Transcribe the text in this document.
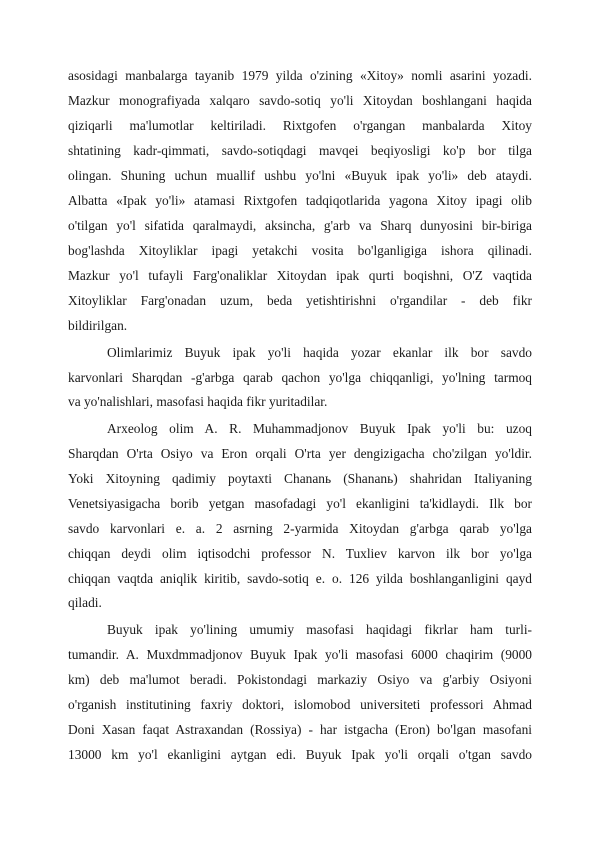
asosidagi manbalarga tayanib 1979 yilda o'zining «Xitoy» nomli asarini yozadi.
Mazkur monografiyada xalqaro savdo-sotiq yo'li Xitoydan boshlangani haqida
qiziqarli ma'lumotlar keltiriladi. Rixtgofen o'rgangan manbalarda Xitoy
shtatining kadr-qimmati, savdo-sotiqdagi mavqei beqiyosligi ko'p bor tilga
olingan. Shuning uchun muallif ushbu yo'lni «Buyuk ipak yo'li» deb ataydi.
Albatta «Ipak yo'li» atamasi Rixtgofen tadqiqotlarida yagona Xitoy ipagi olib
o'tilgan yo'l sifatida qaralmaydi, aksincha, g'arb va Sharq dunyosini bir-biriga
bog'lashda Xitoyliklar ipagi yetakchi vosita bo'lganligiga ishora qilinadi.
Mazkur yo'l tufayli Farg'onaliklar Xitoydan ipak qurti boqishni, O'Z vaqtida
Xitoyliklar Farg'onadan uzum, beda yetishtirishni o'rgandilar - deb fikr
bildirilgan.
Olimlarimiz Buyuk ipak yo'li haqida yozar ekanlar ilk bor savdo
karvonlari Sharqdan -g'arbga qarab qachon yo'lga chiqqanligi, yo'lning tarmoq
va yo'nalishlari, masofasi haqida fikr yuritadilar.
Arxeolog olim A. R. Muhammadjonov Buyuk Ipak yo'li bu: uzoq
Sharqdan O'rta Osiyo va Eron orqali O'rta yer dengizigacha cho'zilgan yo'ldir.
Yoki Xitoyning qadimiy poytaxti Chananь (Shananь) shahridan Italiyaning
Venetsiyasigacha borib yetgan masofadagi yo'l ekanligini ta'kidlaydi. Ilk bor
savdo karvonlari e. a. 2 asrning 2-yarmida Xitoydan g'arbga qarab yo'lga
chiqqan deydi olim iqtisodchi professor N. Tuxliev karvon ilk bor yo'lga
chiqqan vaqtda aniqlik kiritib, savdo-sotiq e. o. 126 yilda boshlanganligini qayd
qiladi.
Buyuk ipak yo'lining umumiy masofasi haqidagi fikrlar ham turli-
tumandir. A. Muxdmmadjonov Buyuk Ipak yo'li masofasi 6000 chaqirim (9000
km) deb ma'lumot beradi. Pokistondagi markaziy Osiyo va g'arbiy Osiyoni
o'rganish institutining faxriy doktori, islomobod universiteti professori Ahmad
Doni Xasan faqat Astraxandan (Rossiya) - har istgacha (Eron) bo'lgan masofani
13000 km yo'l ekanligini aytgan edi. Buyuk Ipak yo'li orqali o'tgan savdo
